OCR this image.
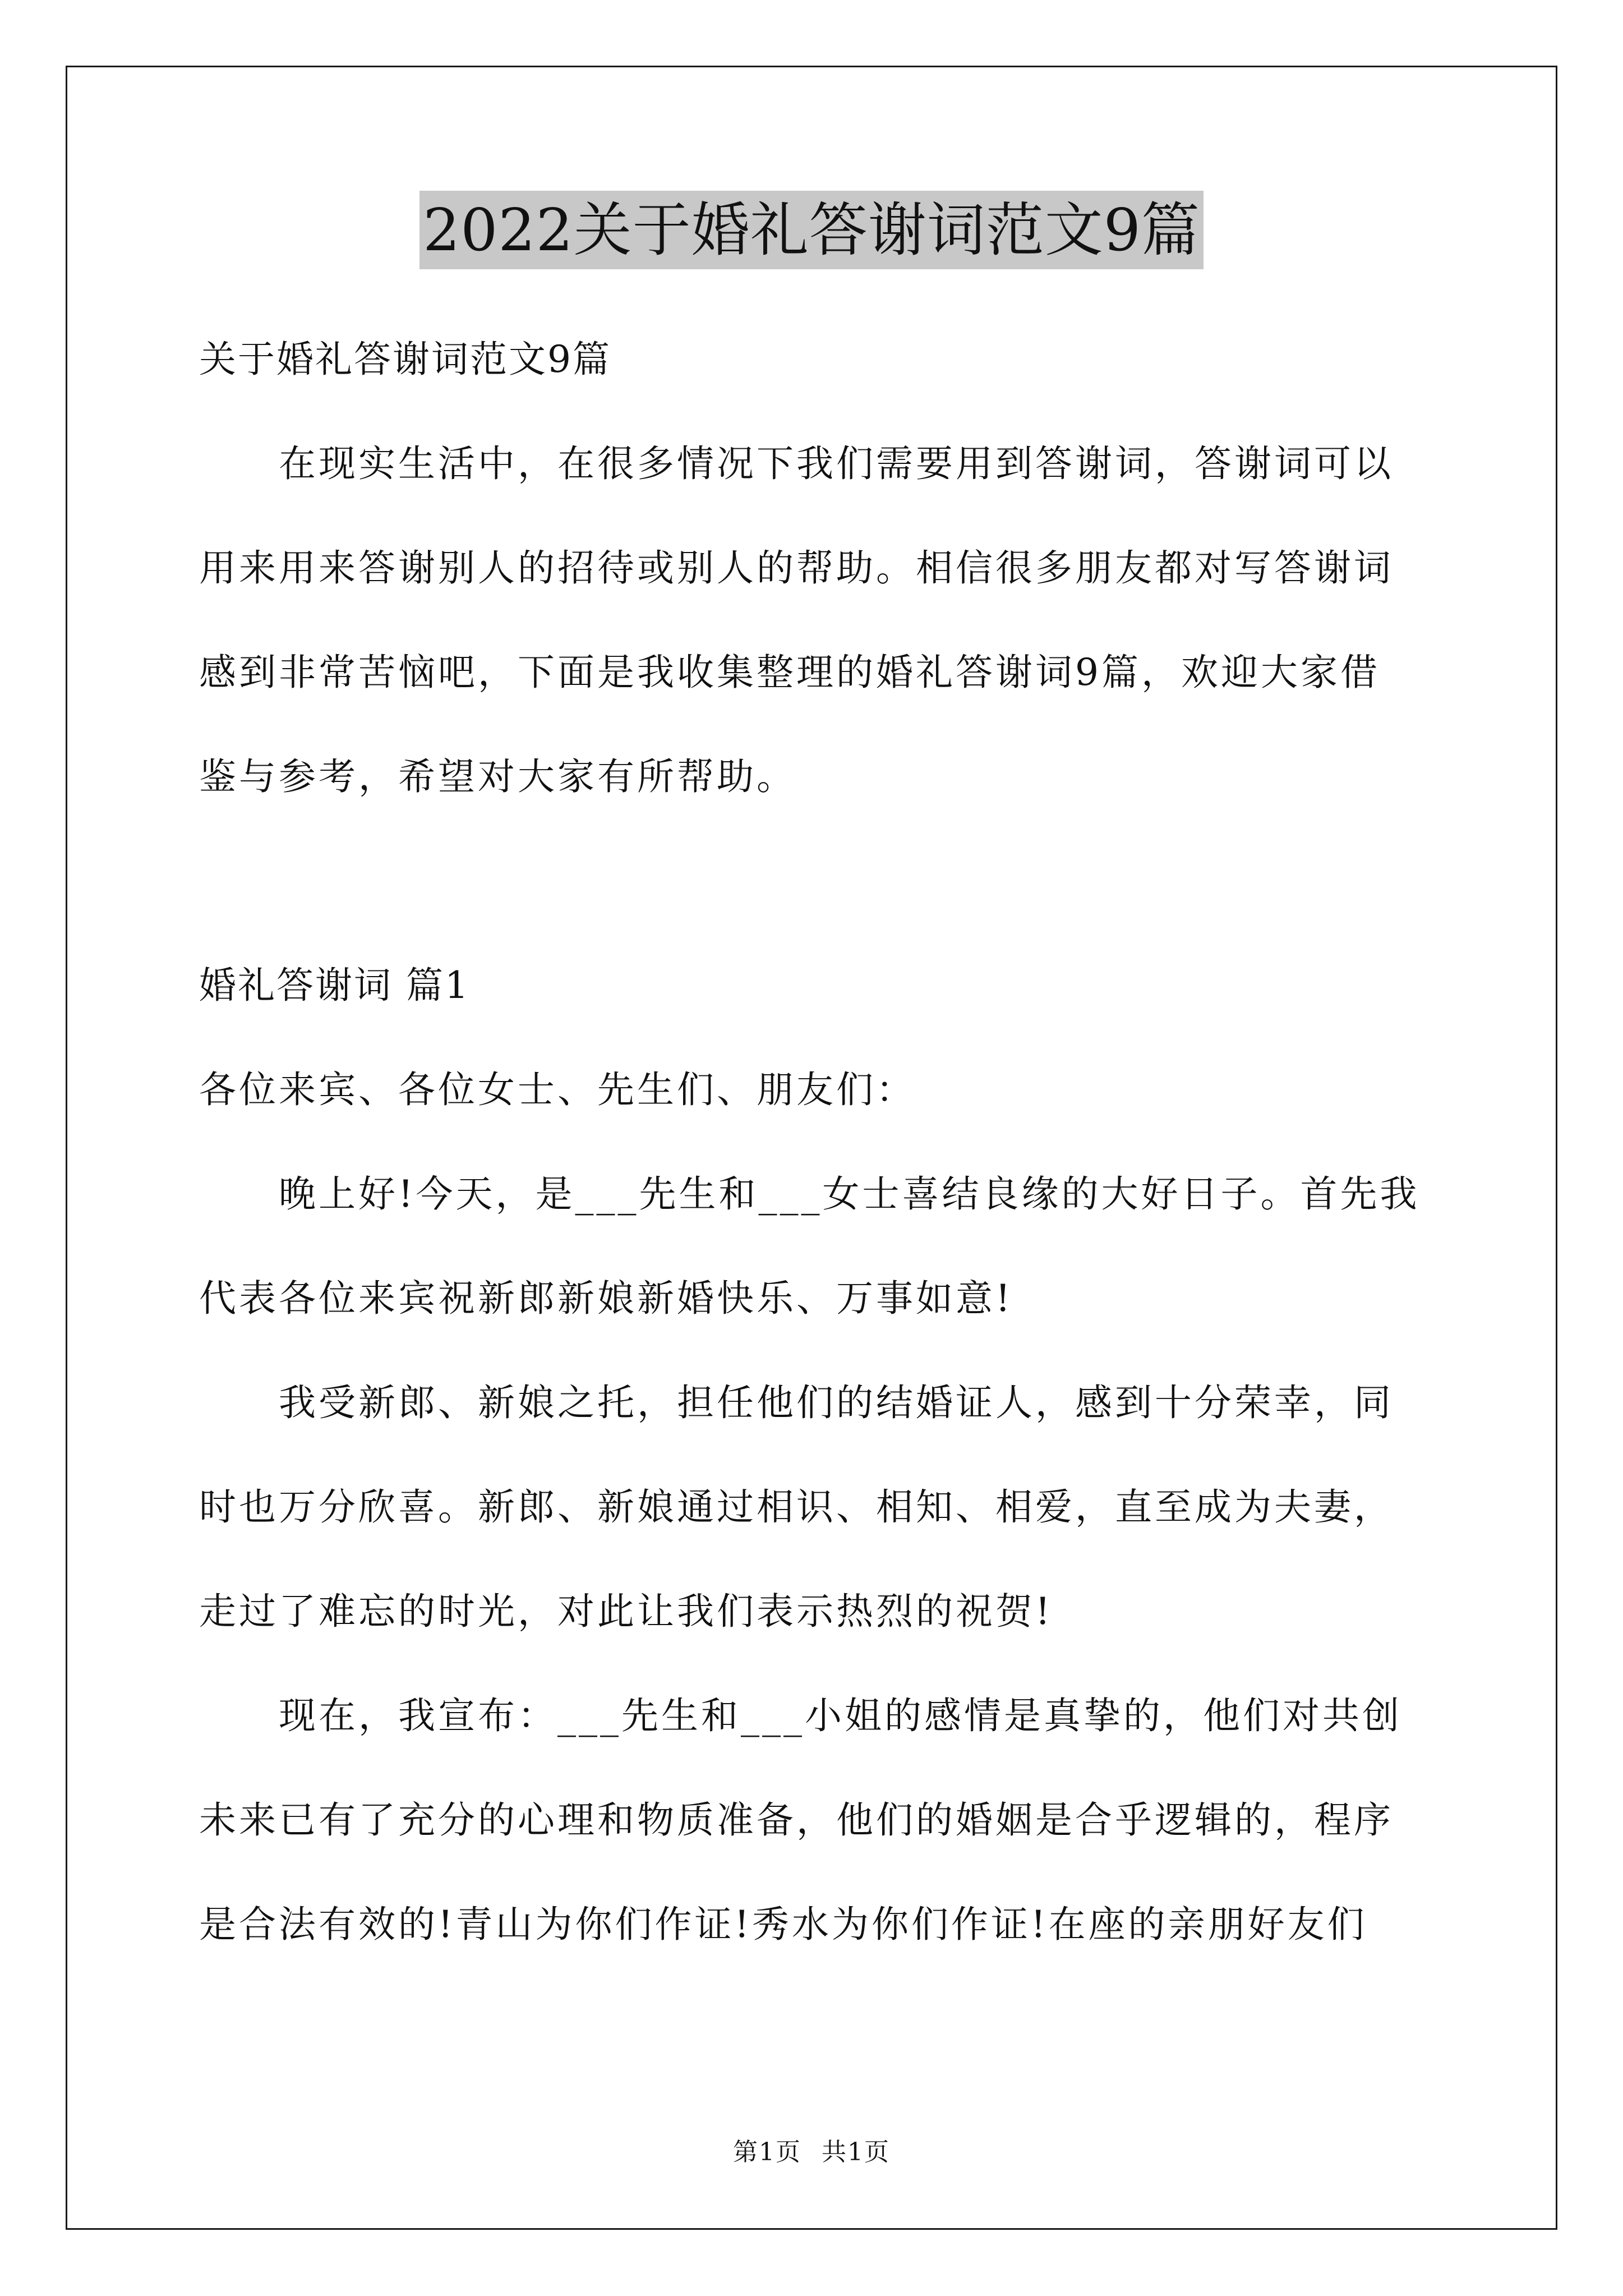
2022关于婚礼答谢词范文9篇
关于婚礼答谢词范文9篇
　　在现实生活中，在很多情况下我们需要用到答谢词，答谢词可以
用来用来答谢别人的招待或别人的帮助。相信很多朋友都对写答谢词
感到非常苦恼吧，下面是我收集整理的婚礼答谢词9篇，欢迎大家借
鉴与参考，希望对大家有所帮助。
婚礼答谢词 篇1
各位来宾、各位女士、先生们、朋友们：
　　晚上好!今天，是___先生和___女士喜结良缘的大好日子。首先我
代表各位来宾祝新郎新娘新婚快乐、万事如意!
　　我受新郎、新娘之托，担任他们的结婚证人，感到十分荣幸，同
时也万分欣喜。新郎、新娘通过相识、相知、相爱，直至成为夫妻，
走过了难忘的时光，对此让我们表示热烈的祝贺!
　　现在，我宣布：___先生和___小姐的感情是真挚的，他们对共创
未来已有了充分的心理和物质准备，他们的婚姻是合乎逻辑的，程序
是合法有效的!青山为你们作证!秀水为你们作证!在座的亲朋好友们
第1页 共1页
